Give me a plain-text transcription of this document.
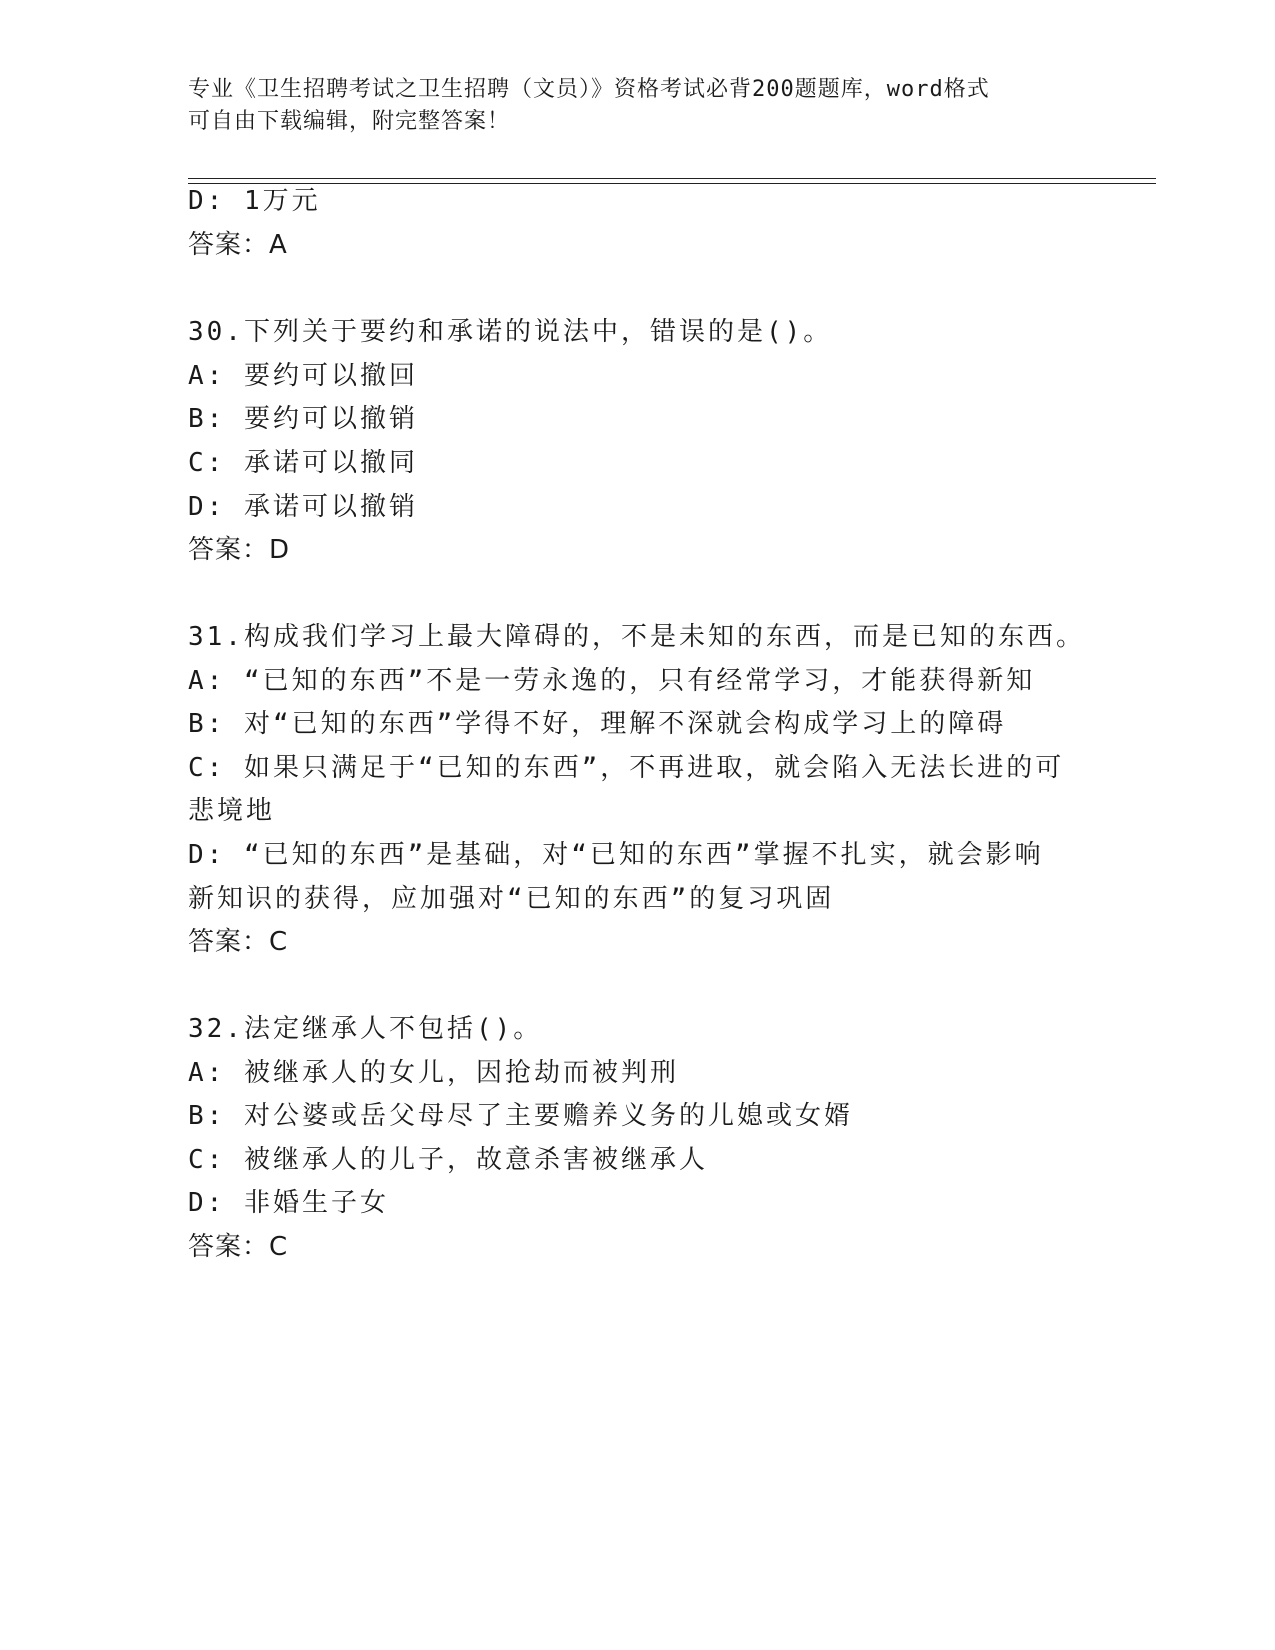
专业《卫生招聘考试之卫生招聘（文员）》资格考试必背200题题库，word格式
可自由下载编辑，附完整答案！
D: 1万元
答案：A
30.下列关于要约和承诺的说法中，错误的是()。
A: 要约可以撤回
B: 要约可以撤销
C: 承诺可以撤同
D: 承诺可以撤销
答案：D
31.构成我们学习上最大障碍的，不是未知的东西，而是已知的东西。
A: “已知的东西”不是一劳永逸的，只有经常学习，才能获得新知
B: 对“已知的东西”学得不好，理解不深就会构成学习上的障碍
C: 如果只满足于“已知的东西”，不再进取，就会陷入无法长进的可
悲境地
D: “已知的东西”是基础，对“已知的东西”掌握不扎实，就会影响
新知识的获得，应加强对“已知的东西”的复习巩固
答案：C
32.法定继承人不包括()。
A: 被继承人的女儿，因抢劫而被判刑
B: 对公婆或岳父母尽了主要赡养义务的儿媳或女婿
C: 被继承人的儿子，故意杀害被继承人
D: 非婚生子女
答案：C
